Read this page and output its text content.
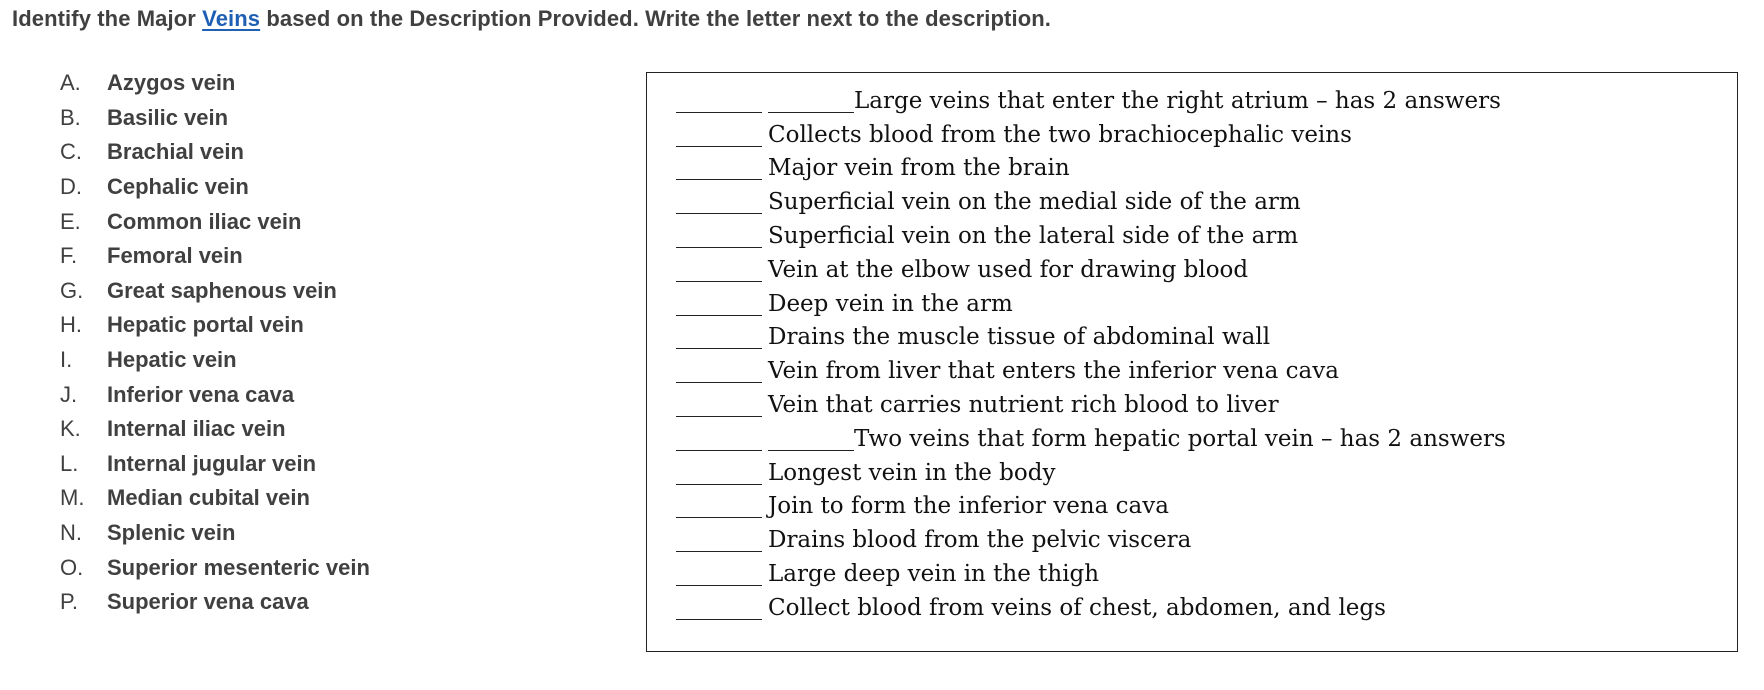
Identify the Major Veins based on the Description Provided. Write the letter next to the description.
A.	Azygos vein
B.	Basilic vein
C.	Brachial vein
D.	Cephalic vein
E.	Common iliac vein
F.	Femoral vein
G.	Great saphenous vein
H.	Hepatic portal vein
I.	Hepatic vein
J.	Inferior vena cava
K.	Internal iliac vein
L.	Internal jugular vein
M.	Median cubital vein
N.	Splenic vein
O.	Superior mesenteric vein
P.	Superior vena cava
Large veins that enter the right atrium – has 2 answers
Collects blood from the two brachiocephalic veins
Major vein from the brain
Superficial vein on the medial side of the arm
Superficial vein on the lateral side of the arm
Vein at the elbow used for drawing blood
Deep vein in the arm
Drains the muscle tissue of abdominal wall
Vein from liver that enters the inferior vena cava
Vein that carries nutrient rich blood to liver
Two veins that form hepatic portal vein – has 2 answers
Longest vein in the body
Join to form the inferior vena cava
Drains blood from the pelvic viscera
Large deep vein in the thigh
Collect blood from veins of chest, abdomen, and legs
